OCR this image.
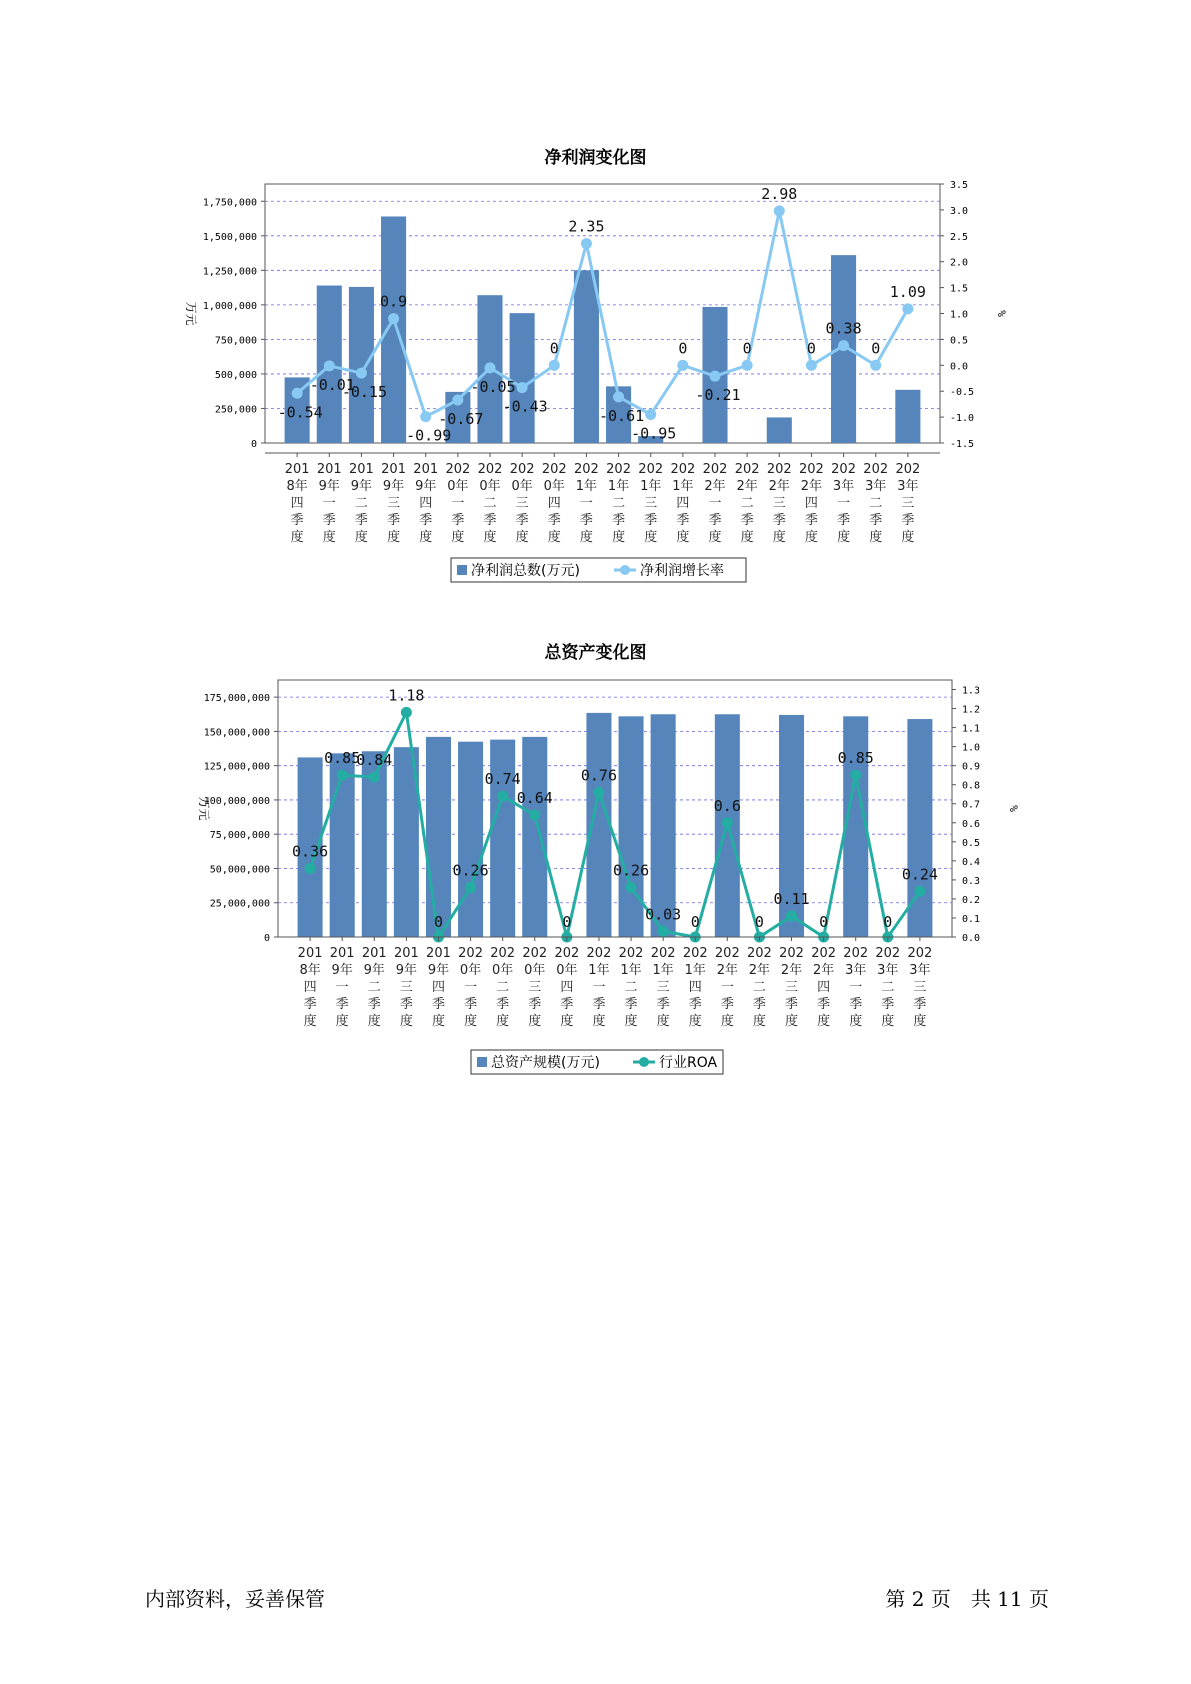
净利润变化图
0
250,000
500,000
750,000
1,000,000
1,250,000
1,500,000
1,750,000
-1.5
-1.0
-0.5
0.0
0.5
1.0
1.5
2.0
2.5
3.0
3.5
万元	%
-0.54
-0.01
-0.15
0.9
-0.99
-0.67
-0.05
-0.43
0
2.35
-0.61
-0.95
0
-0.21
0
2.98
0
0.38
0
1.09
201
8年
四
季
度
201
9年
一
季
度
201
9年
二
季
度
201
9年
三
季
度
201
9年
四
季
度
202
0年
一
季
度
202
0年
二
季
度
202
0年
三
季
度
202
0年
四
季
度
202
1年
一
季
度
202
1年
二
季
度
202
1年
三
季
度
202
1年
四
季
度
202
2年
一
季
度
202
2年
二
季
度
202
2年
三
季
度
202
2年
四
季
度
202
3年
一
季
度
202
3年
二
季
度
202
3年
三
季
度
净利润总数(万元)	净利润增长率
总资产变化图
0
25,000,000
50,000,000
75,000,000
100,000,000
125,000,000
150,000,000
175,000,000
0.0
0.1
0.2
0.3
0.4
0.5
0.6
0.7
0.8
0.9
1.0
1.1
1.2
1.3
万元	%
0.36
0.85
0.84
1.18
0
0.26
0.74
0.64
0
0.76
0.26
0.03 0
0.6
0
0.11
0
0.85
0
0.24
201
8年
四
季
度
201
9年
一
季
度
201
9年
二
季
度
201
9年
三
季
度
201
9年
四
季
度
202
0年
一
季
度
202
0年
二
季
度
202
0年
三
季
度
202
0年
四
季
度
202
1年
一
季
度
202
1年
二
季
度
202
1年
三
季
度
202
1年
四
季
度
202
2年
一
季
度
202
2年
二
季
度
202
2年
三
季
度
202
2年
四
季
度
202
3年
一
季
度
202
3年
二
季
度
202
3年
三
季
度
总资产规模(万元)	行业ROA
内部资料，妥善保管	第 2 页　共 11 页
